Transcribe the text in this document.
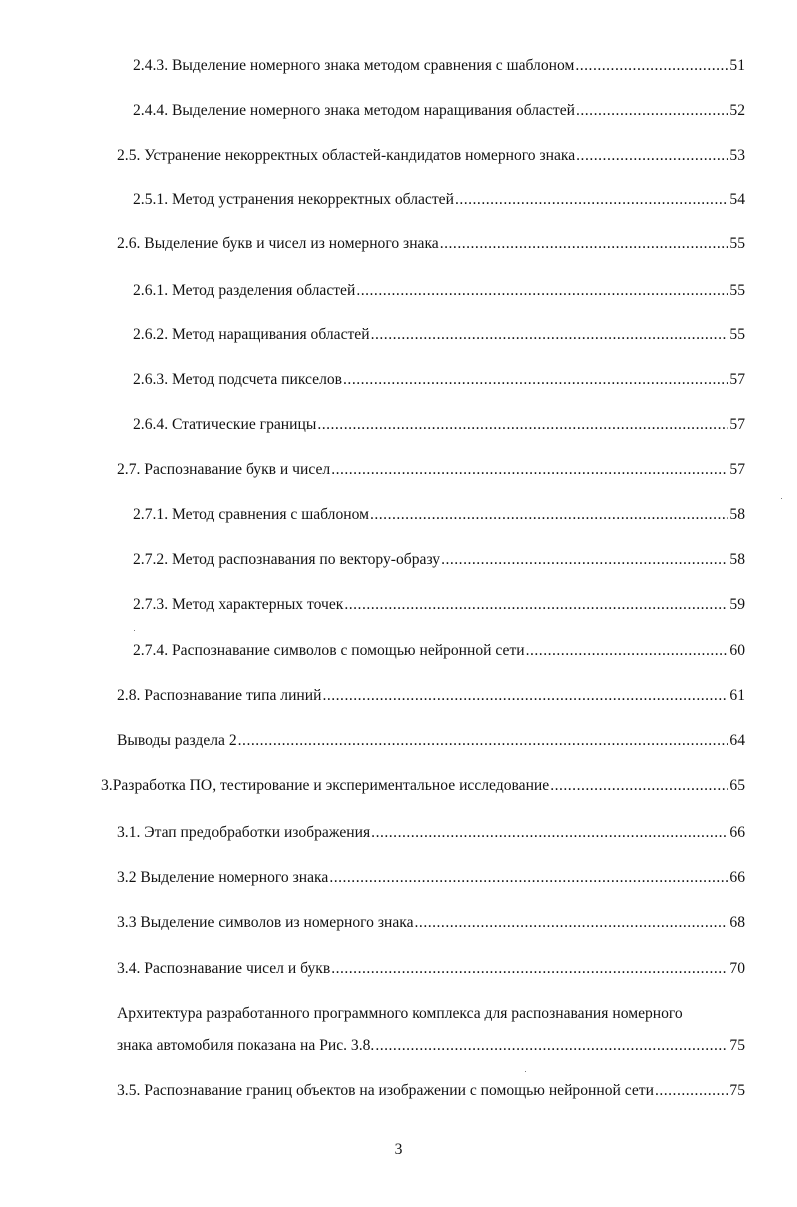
2.4.3. Выделение номерного знака методом сравнения с шаблоном .....	51
2.4.4. Выделение номерного знака методом наращивания областей .....	52
2.5. Устранение некорректных областей-кандидатов номерного знака .....	53
2.5.1. Метод устранения некорректных областей .....	54
2.6. Выделение букв и чисел из номерного знака .....	55
2.6.1. Метод разделения областей .....	55
2.6.2. Метод наращивания областей .....	55
2.6.3. Метод подсчета пикселов .....	57
2.6.4. Статические границы .....	57
2.7. Распознавание букв и чисел .....	57
2.7.1. Метод сравнения с шаблоном .....	58
2.7.2. Метод распознавания по вектору-образу .....	58
2.7.3. Метод характерных точек .....	59
2.7.4. Распознавание символов с помощью нейронной сети .....	60
2.8. Распознавание типа линий .....	61
Выводы раздела 2 .....	64
3.Разработка ПО, тестирование и экспериментальное исследование .....	65
3.1. Этап предобработки изображения .....	66
3.2 Выделение номерного знака .....	66
3.3 Выделение символов из номерного знака .....	68
3.4. Распознавание чисел и букв .....	70
Архитектура разработанного программного комплекса для распознавания номерного
знака автомобиля показана на Рис. 3.8. .....	75
3.5. Распознавание границ объектов на изображении с помощью нейронной сети .....	75
3
